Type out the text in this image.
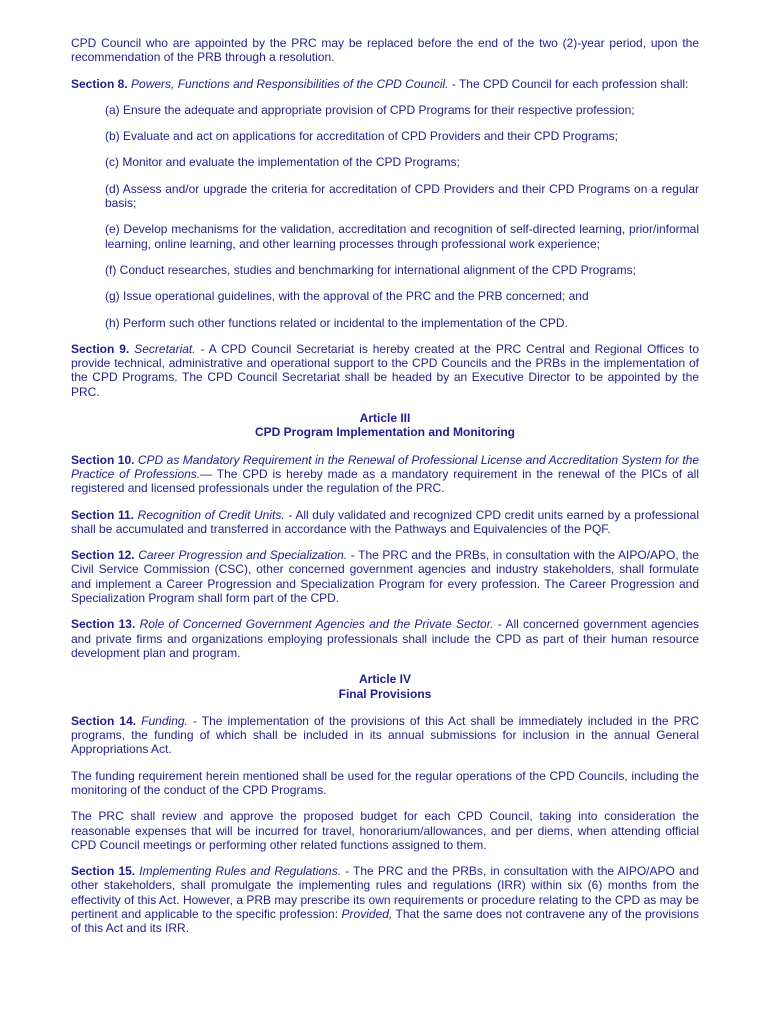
CPD Council who are appointed by the PRC may be replaced before the end of the two (2)-year period, upon the recommendation of the PRB through a resolution.

Section 8. Powers, Functions and Responsibilities of the CPD Council. - The CPD Council for each profession shall:

(a) Ensure the adequate and appropriate provision of CPD Programs for their respective profession;

(b) Evaluate and act on applications for accreditation of CPD Providers and their CPD Programs;

(c) Monitor and evaluate the implementation of the CPD Programs;

(d) Assess and/or upgrade the criteria for accreditation of CPD Providers and their CPD Programs on a regular basis;

(e) Develop mechanisms for the validation, accreditation and recognition of self-directed learning, prior/informal learning, online learning, and other learning processes through professional work experience;

(f) Conduct researches, studies and benchmarking for international alignment of the CPD Programs;

(g) Issue operational guidelines, with the approval of the PRC and the PRB concerned; and

(h) Perform such other functions related or incidental to the implementation of the CPD.

Section 9. Secretariat. - A CPD Council Secretariat is hereby created at the PRC Central and Regional Offices to provide technical, administrative and operational support to the CPD Councils and the PRBs in the implementation of the CPD Programs. The CPD Council Secretariat shall be headed by an Executive Director to be appointed by the PRC.

Article III
CPD Program Implementation and Monitoring

Section 10. CPD as Mandatory Requirement in the Renewal of Professional License and Accreditation System for the Practice of Professions.— The CPD is hereby made as a mandatory requirement in the renewal of the PICs of all registered and licensed professionals under the regulation of the PRC.

Section 11. Recognition of Credit Units. - All duly validated and recognized CPD credit units earned by a professional shall be accumulated and transferred in accordance with the Pathways and Equivalencies of the PQF.

Section 12. Career Progression and Specialization. - The PRC and the PRBs, in consultation with the AIPO/APO, the Civil Service Commission (CSC), other concerned government agencies and industry stakeholders, shall formulate and implement a Career Progression and Specialization Program for every profession. The Career Progression and Specialization Program shall form part of the CPD.

Section 13. Role of Concerned Government Agencies and the Private Sector. - All concerned government agencies and private firms and organizations employing professionals shall include the CPD as part of their human resource development plan and program.

Article IV
Final Provisions

Section 14. Funding. - The implementation of the provisions of this Act shall be immediately included in the PRC programs, the funding of which shall be included in its annual submissions for inclusion in the annual General Appropriations Act.

The funding requirement herein mentioned shall be used for the regular operations of the CPD Councils, including the monitoring of the conduct of the CPD Programs.

The PRC shall review and approve the proposed budget for each CPD Council, taking into consideration the reasonable expenses that will be incurred for travel, honorarium/allowances, and per diems, when attending official CPD Council meetings or performing other related functions assigned to them.

Section 15. Implementing Rules and Regulations. - The PRC and the PRBs, in consultation with the AIPO/APO and other stakeholders, shall promulgate the implementing rules and regulations (IRR) within six (6) months from the effectivity of this Act. However, a PRB may prescribe its own requirements or procedure relating to the CPD as may be pertinent and applicable to the specific profession: Provided, That the same does not contravene any of the provisions of this Act and its IRR.
